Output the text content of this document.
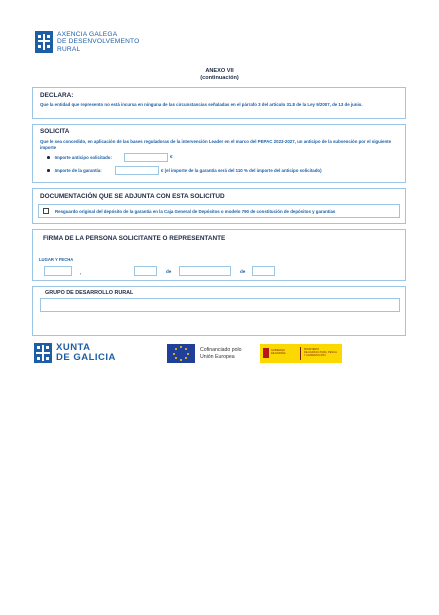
AXENCIA GALEGA
DE DESENVOLVEMENTO
RURAL
ANEXO VII
(continuación)
DECLARA:
Que la entidad que represento no está incursa en ninguna de las circunstancias señaladas en el párrafo 3 del artículo 31.8 de la Ley 9/2007, de 13 de junio.
SOLICITA
Que le sea concedido, en aplicación de las bases reguladoras de la intervención Leader en el marco del PEPAC 2023-2027, un anticipo de la subvención por el siguiente importe
Importe anticipo solicitado:	€
Importe de la garantía:	€ (el importe de la garantía será del 110 % del importe del anticipo solicitado)
DOCUMENTACIÓN QUE SE ADJUNTA CON ESTA SOLICITUD
Resguardo original del depósito de la garantía en la Caja General de Depósitos o modelo 790 de constitución de depósitos y garantías
FIRMA DE LA PERSONA SOLICITANTE O REPRESENTANTE
LUGAR Y FECHA
,	de	de
GRUPO DE DESARROLLO RURAL
XUNTA
DE GALICIA
Cofinanciado polo
Unión Europea
GOBIERNO
DE ESPAÑA
MINISTERIO
DE AGRICULTURA, PESCA
Y ALIMENTACIÓN
